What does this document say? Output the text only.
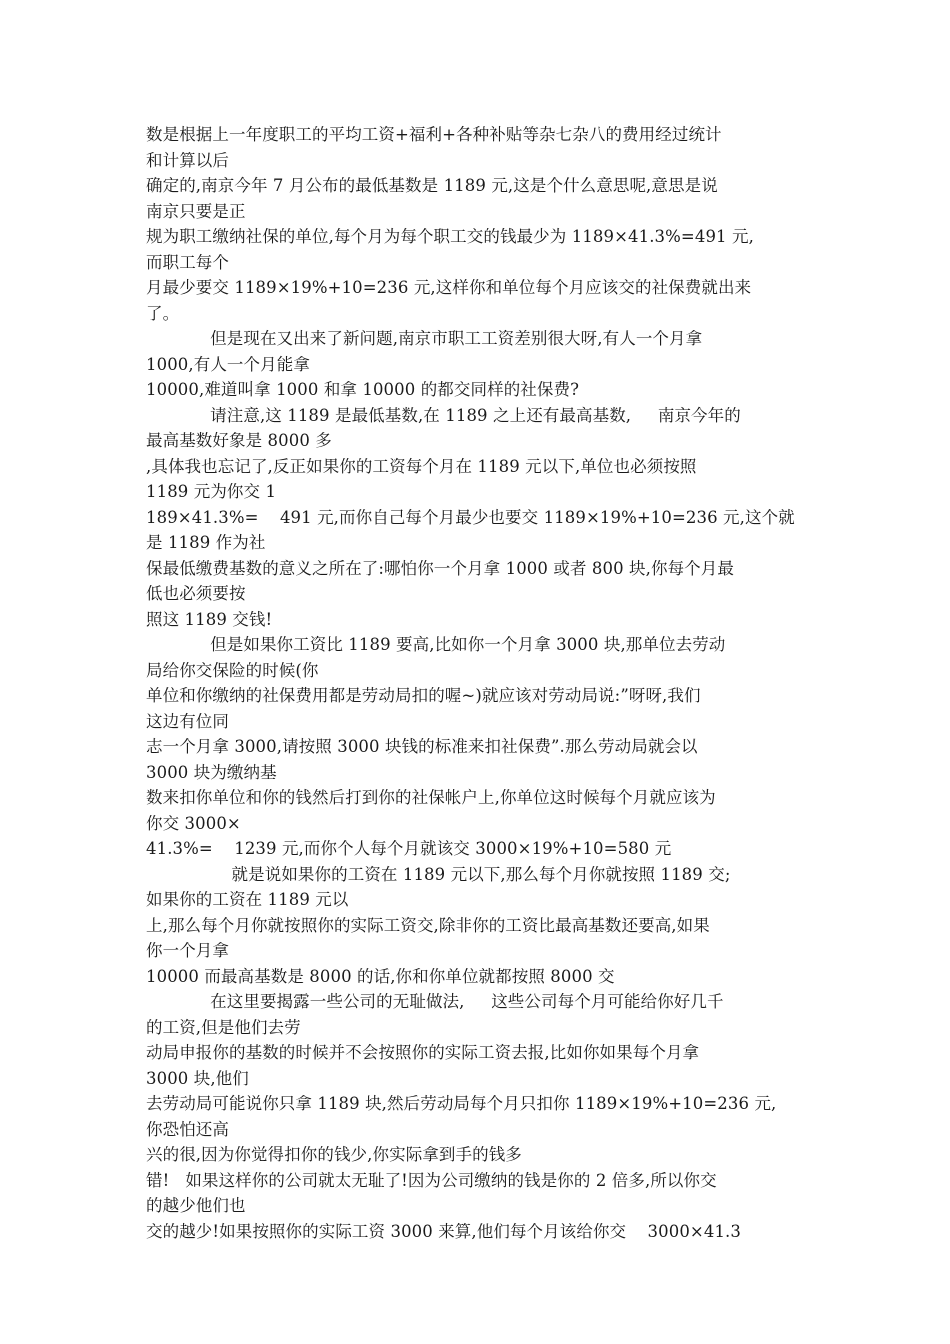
数是根据上一年度职工的平均工资+福利+各种补贴等杂七杂八的费用经过统计
和计算以后
确定的,南京今年 7 月公布的最低基数是 1189 元,这是个什么意思呢,意思是说
南京只要是正
规为职工缴纳社保的单位,每个月为每个职工交的钱最少为 1189×41.3%=491 元,
而职工每个
月最少要交 1189×19%+10=236 元,这样你和单位每个月应该交的社保费就出来
了。
但是现在又出来了新问题,南京市职工工资差别很大呀,有人一个月拿
1000,有人一个月能拿
10000,难道叫拿 1000 和拿 10000 的都交同样的社保费?
请注意,这 1189 是最低基数,在 1189 之上还有最高基数,     南京今年的
最高基数好象是 8000 多
,具体我也忘记了,反正如果你的工资每个月在 1189 元以下,单位也必须按照
1189 元为你交 1
189×41.3%=    491 元,而你自己每个月最少也要交 1189×19%+10=236 元,这个就
是 1189 作为社
保最低缴费基数的意义之所在了:哪怕你一个月拿 1000 或者 800 块,你每个月最
低也必须要按
照这 1189 交钱!
但是如果你工资比 1189 要高,比如你一个月拿 3000 块,那单位去劳动
局给你交保险的时候(你
单位和你缴纳的社保费用都是劳动局扣的喔~)就应该对劳动局说:”呀呀,我们
这边有位同
志一个月拿 3000,请按照 3000 块钱的标准来扣社保费”.那么劳动局就会以
3000 块为缴纳基
数来扣你单位和你的钱然后打到你的社保帐户上,你单位这时候每个月就应该为
你交 3000×
41.3%=    1239 元,而你个人每个月就该交 3000×19%+10=580 元
就是说如果你的工资在 1189 元以下,那么每个月你就按照 1189 交;
如果你的工资在 1189 元以
上,那么每个月你就按照你的实际工资交,除非你的工资比最高基数还要高,如果
你一个月拿
10000 而最高基数是 8000 的话,你和你单位就都按照 8000 交
在这里要揭露一些公司的无耻做法,     这些公司每个月可能给你好几千
的工资,但是他们去劳
动局申报你的基数的时候并不会按照你的实际工资去报,比如你如果每个月拿
3000 块,他们
去劳动局可能说你只拿 1189 块,然后劳动局每个月只扣你 1189×19%+10=236 元,
你恐怕还高
兴的很,因为你觉得扣你的钱少,你实际拿到手的钱多
错!   如果这样你的公司就太无耻了!因为公司缴纳的钱是你的 2 倍多,所以你交
的越少他们也
交的越少!如果按照你的实际工资 3000 来算,他们每个月该给你交    3000×41.3
